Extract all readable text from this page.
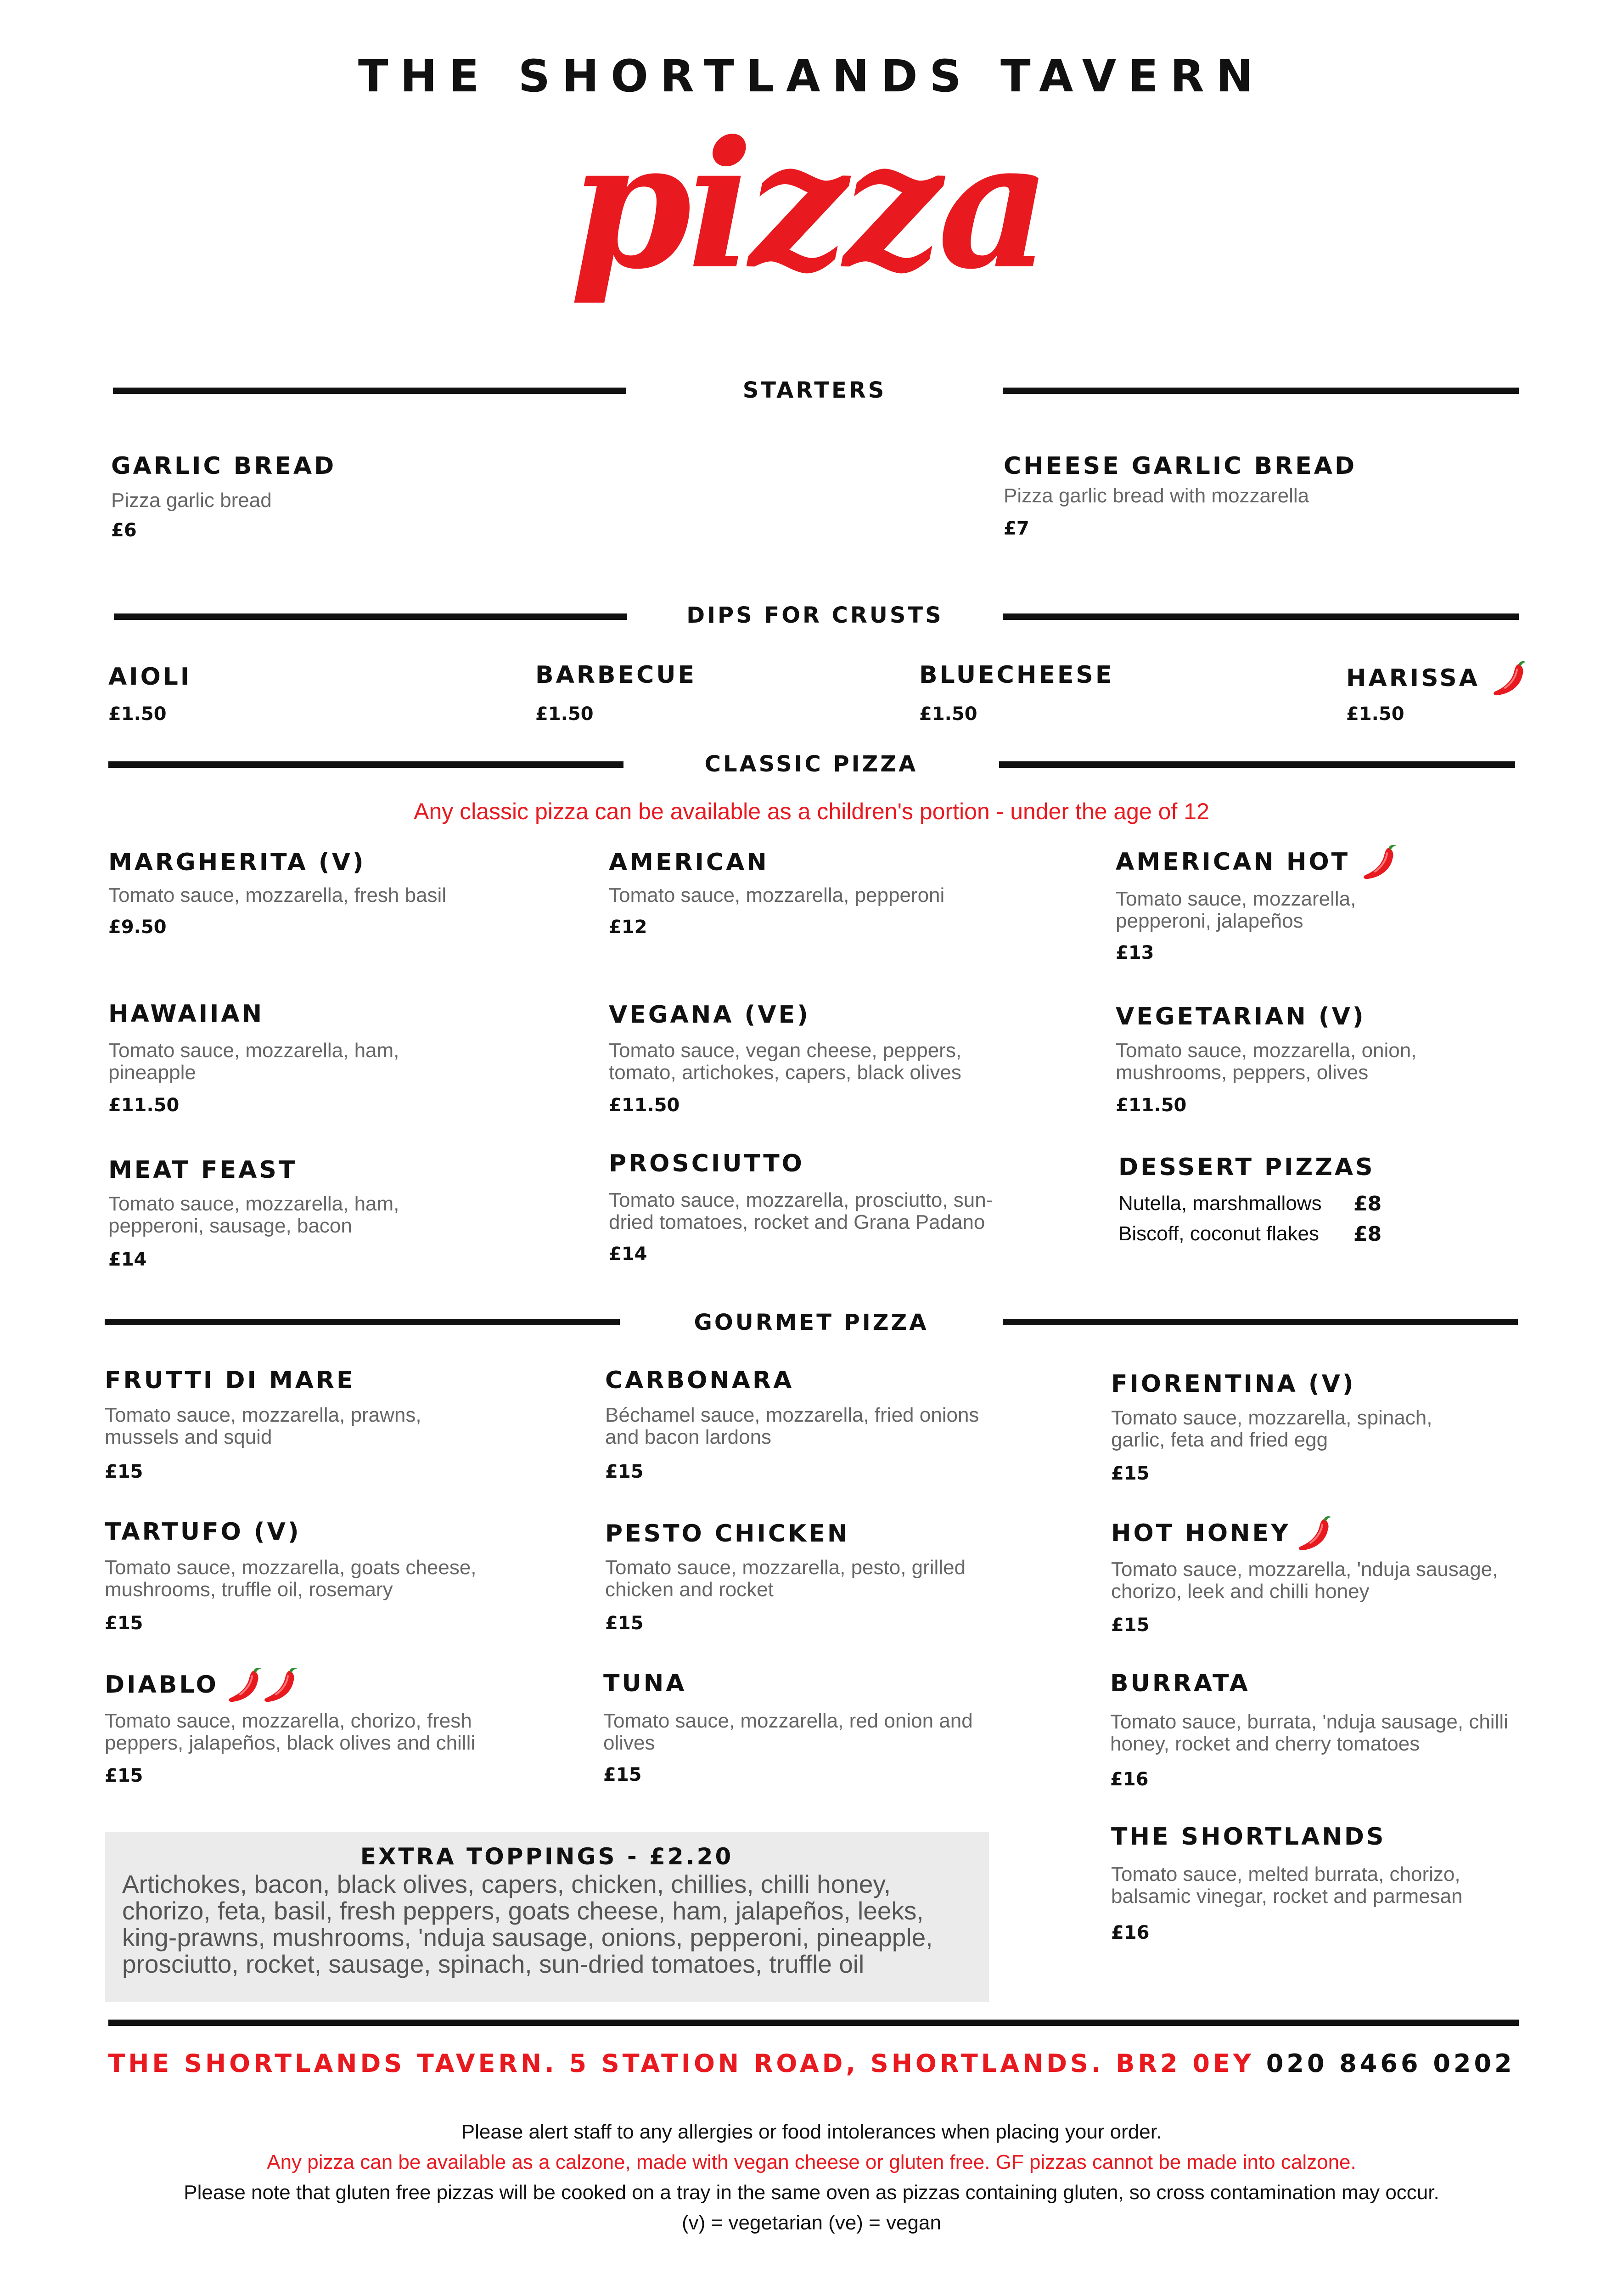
THE SHORTLANDS TAVERN
pizza
STARTERS
GARLIC BREAD
Pizza garlic bread
£6
CHEESE GARLIC BREAD
Pizza garlic bread with mozzarella
£7
DIPS FOR CRUSTS
AIOLI
£1.50
BARBECUE
£1.50
BLUECHEESE
£1.50
HARISSA
£1.50
CLASSIC PIZZA
Any classic pizza can be available as a children's portion - under the age of 12
MARGHERITA (V)
Tomato sauce, mozzarella, fresh basil
£9.50
AMERICAN
Tomato sauce, mozzarella, pepperoni
£12
AMERICAN HOT
Tomato sauce, mozzarella, pepperoni, jalapeños
£13
HAWAIIAN
Tomato sauce, mozzarella, ham, pineapple
£11.50
VEGANA (VE)
Tomato sauce, vegan cheese, peppers, tomato, artichokes, capers, black olives
£11.50
VEGETARIAN (V)
Tomato sauce, mozzarella, onion, mushrooms, peppers, olives
£11.50
MEAT FEAST
Tomato sauce, mozzarella, ham, pepperoni, sausage, bacon
£14
PROSCIUTTO
Tomato sauce, mozzarella, prosciutto, sun-dried tomatoes, rocket and Grana Padano
£14
DESSERT PIZZAS
Nutella, marshmallows £8
Biscoff, coconut flakes £8
GOURMET PIZZA
FRUTTI DI MARE
Tomato sauce, mozzarella, prawns, mussels and squid
£15
CARBONARA
Béchamel sauce, mozzarella, fried onions and bacon lardons
£15
FIORENTINA (V)
Tomato sauce, mozzarella, spinach, garlic, feta and fried egg
£15
TARTUFO (V)
Tomato sauce, mozzarella, goats cheese, mushrooms, truffle oil, rosemary
£15
PESTO CHICKEN
Tomato sauce, mozzarella, pesto, grilled chicken and rocket
£15
HOT HONEY
Tomato sauce, mozzarella, 'nduja sausage, chorizo, leek and chilli honey
£15
DIABLO
Tomato sauce, mozzarella, chorizo, fresh peppers, jalapeños, black olives and chilli
£15
TUNA
Tomato sauce, mozzarella, red onion and olives
£15
BURRATA
Tomato sauce, burrata, 'nduja sausage, chilli honey, rocket and cherry tomatoes
£16
THE SHORTLANDS
Tomato sauce, melted burrata, chorizo, balsamic vinegar, rocket and parmesan
£16
EXTRA TOPPINGS - £2.20
Artichokes, bacon, black olives, capers, chicken, chillies, chilli honey, chorizo, feta, basil, fresh peppers, goats cheese, ham, jalapeños, leeks, king-prawns, mushrooms, 'nduja sausage, onions, pepperoni, pineapple, prosciutto, rocket, sausage, spinach, sun-dried tomatoes, truffle oil
THE SHORTLANDS TAVERN. 5 STATION ROAD, SHORTLANDS. BR2 0EY 020 8466 0202
Please alert staff to any allergies or food intolerances when placing your order.
Any pizza can be available as a calzone, made with vegan cheese or gluten free. GF pizzas cannot be made into calzone.
Please note that gluten free pizzas will be cooked on a tray in the same oven as pizzas containing gluten, so cross contamination may occur.
(v) = vegetarian (ve) = vegan
